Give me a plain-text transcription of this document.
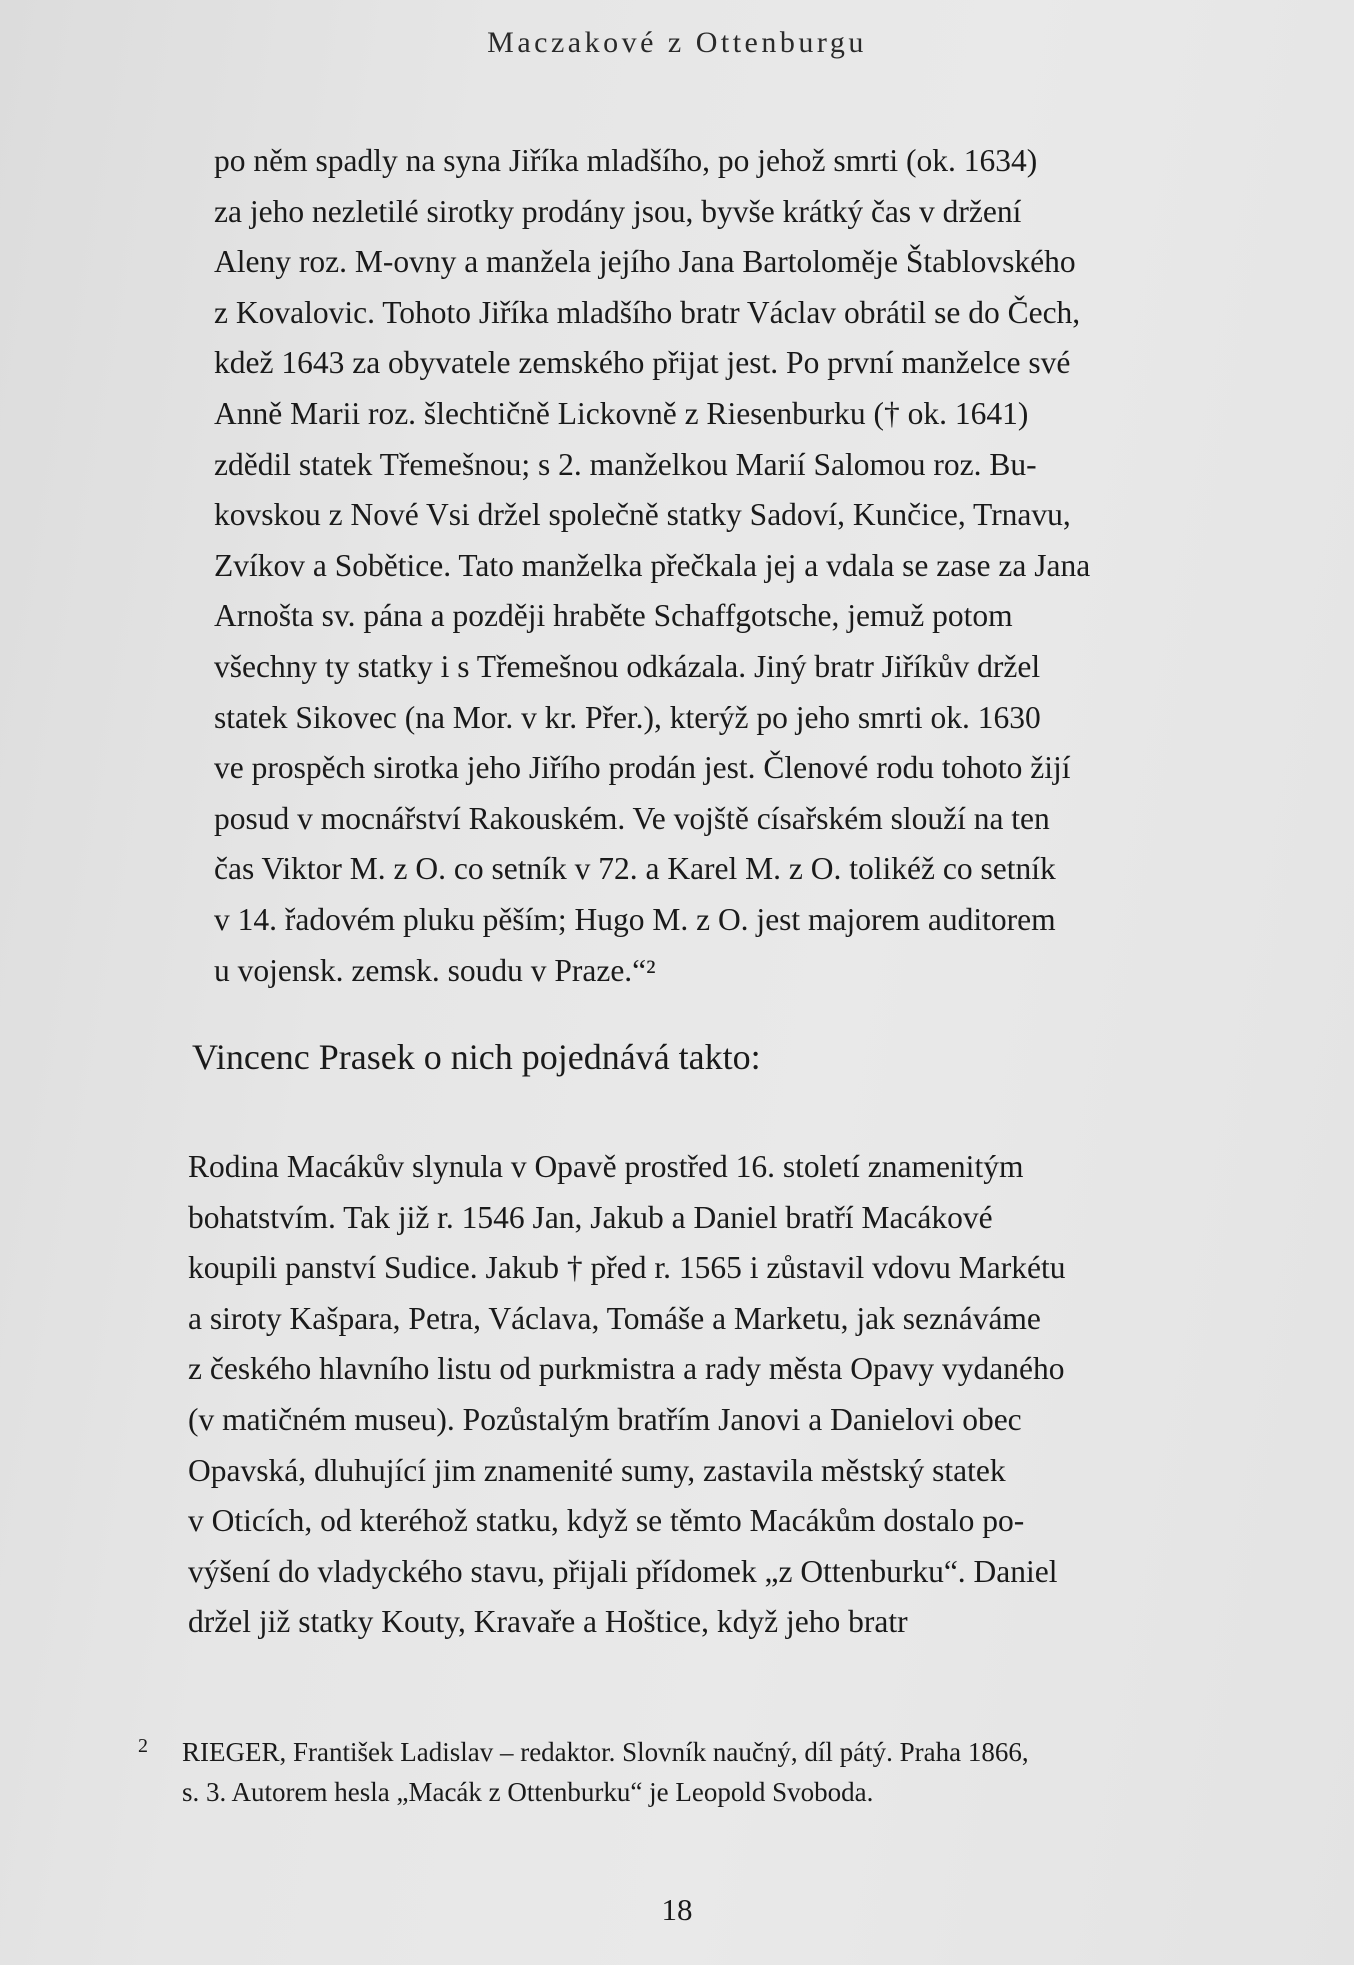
Maczakové z Ottenburgu
po něm spadly na syna Jiříka mladšího, po jehož smrti (ok. 1634)
za jeho nezletilé sirotky prodány jsou, byvše krátký čas v držení
Aleny roz. M-ovny a manžela jejího Jana Bartoloměje Štablovského
z Kovalovic. Tohoto Jiříka mladšího bratr Václav obrátil se do Čech,
kdež 1643 za obyvatele zemského přijat jest. Po první manželce své
Anně Marii roz. šlechtičně Lickovně z Riesenburku († ok. 1641)
zdědil statek Třemešnou; s 2. manželkou Marií Salomou roz. Bu-
kovskou z Nové Vsi držel společně statky Sadoví, Kunčice, Trnavu,
Zvíkov a Sobětice. Tato manželka přečkala jej a vdala se zase za Jana
Arnošta sv. pána a později hraběte Schaffgotsche, jemuž potom
všechny ty statky i s Třemešnou odkázala. Jiný bratr Jiříkův držel
statek Sikovec (na Mor. v kr. Přer.), kterýž po jeho smrti ok. 1630
ve prospěch sirotka jeho Jiřího prodán jest. Členové rodu tohoto žijí
posud v mocnářství Rakouském. Ve vojště císařském slouží na ten
čas Viktor M. z O. co setník v 72. a Karel M. z O. tolikéž co setník
v 14. řadovém pluku pěším; Hugo M. z O. jest majorem auditorem
u vojensk. zemsk. soudu v Praze.“²
Vincenc Prasek o nich pojednává takto:
Rodina Macákův slynula v Opavě prostřed 16. století znamenitým
bohatstvím. Tak již r. 1546 Jan, Jakub a Daniel bratří Macákové
koupili panství Sudice. Jakub † před r. 1565 i zůstavil vdovu Markétu
a siroty Kašpara, Petra, Václava, Tomáše a Marketu, jak seznáváme
z českého hlavního listu od purkmistra a rady města Opavy vydaného
(v matičném museu). Pozůstalým bratřím Janovi a Danielovi obec
Opavská, dluhující jim znamenité sumy, zastavila městský statek
v Oticích, od kteréhož statku, když se těmto Macákům dostalo po-
výšení do vladyckého stavu, přijali přídomek „z Ottenburku“. Daniel
držel již statky Kouty, Kravaře a Hoštice, když jeho bratr
2 RIEGER, František Ladislav – redaktor. Slovník naučný, díl pátý. Praha 1866,
s. 3. Autorem hesla „Macák z Ottenburku“ je Leopold Svoboda.
18
